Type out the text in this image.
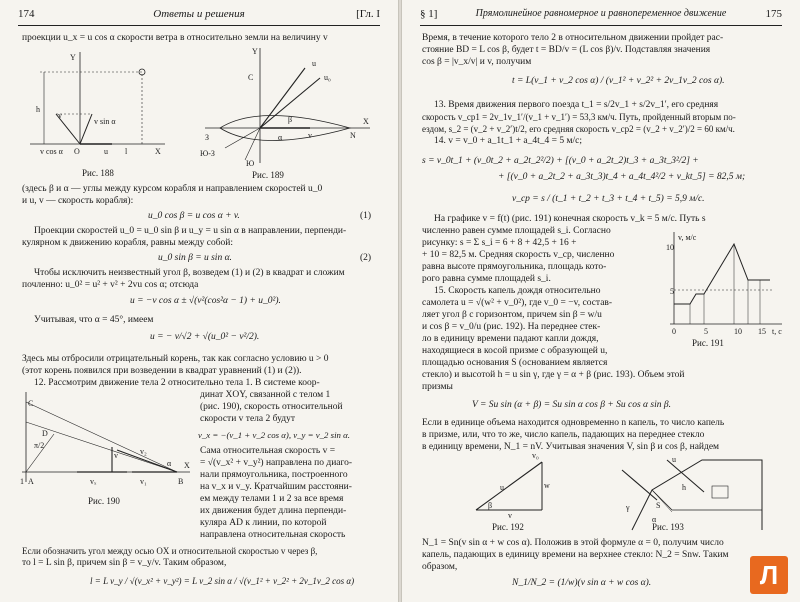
174	Ответы и решения	[Гл. I
проекции u_x = u cos α скорости ветра в относительно земли на величину v
h
Y
O	u l	X
v sin α
v cos α
v
Рис. 188
Y
C
u
u₀
β
α	v	N
X
З
Ю-З
Ю
Рис. 189
(здесь β и α — углы между курсом корабля и направлением скоростей u_0
и u, v — скорость корабля):
u_0 cos β = u cos α + v.	(1)
Проекции скоростей u_0 = u_0 sin β и u_y = u sin α в направлении, перпенди-
кулярном к движению корабля, равны между собой:
u_0 sin β = u sin α.	(2)
Чтобы исключить неизвестный угол β, возведем (1) и (2) в квадрат и сложим
почленно: u_0² = u² + v² + 2vu cos α; отсюда
u = −v cos α ± √(v²(cos²α − 1) + u_0²).
Учитывая, что α = 45°, имеем
u = − v/√2 + √(u_0² − v²/2).
Здесь мы отбросили отрицательный корень, так как согласно условию u > 0
(этот корень появился при возведении в квадрат уравнений (1) и (2)).
12. Рассмотрим движение тела 2 относительно тела 1. В системе коор-
C
D
π/2
1 A	v₁
vₓ
v	v₂
α
B
X
Рис. 190
динат XOY, связанной с телом 1
(рис. 190), скорость относительной
скорости v тела 2 будут
v_x = −(v_1 + v_2 cos α), v_y = v_2 sin α.
Сама относительная скорость v =
= √(v_x² + v_y²) направлена по диаго-
нали прямоугольника, построенного
на v_x и v_y. Кратчайшим расстояни-
ем между телами 1 и 2 за все время
их движения будет длина перпенди-
куляра AD к линии, по которой
направлена относительная скорость
Если обозначить угол между осью OX и относительной скоростью v через β,
то l = L sin β, причем sin β = v_y/v. Таким образом,
l = L v_y / √(v_x² + v_y²) = L v_2 sin α / √(v_1² + v_2² + 2v_1v_2 cos α)
§ 1]	Прямолинейное равномерное и равнопеременное движение	175
Время, в течение которого тело 2 в относительном движении пройдет рас-
стояние BD = L cos β, будет t = BD/v = (L cos β)/v. Подставляя значения
cos β = |v_x/v| и v, получим
t = L(v_1 + v_2 cos α) / (v_1² + v_2² + 2v_1v_2 cos α).
13. Время движения первого поезда t_1 = s/2v_1 + s/2v_1′, его средняя
скорость v_ср1 = 2v_1v_1′/(v_1 + v_1′) = 53,3 км/ч. Путь, пройденный вторым по-
ездом, s_2 = (v_2 + v_2′)t/2, его средняя скорость v_ср2 = (v_2 + v_2′)/2 = 60 км/ч.
14. v = v_0 + a_1t_1 + a_4t_4 = 5 м/с;
s = v_0t_1 + (v_0t_2 + a_2t_2²/2) + [(v_0 + a_2t_2)t_3 + a_3t_3²/2] +
+ [(v_0 + a_2t_2 + a_3t_3)t_4 + a_4t_4²/2 + v_kt_5] = 82,5 м;
v_ср = s / (t_1 + t_2 + t_3 + t_4 + t_5) = 5,9 м/с.
На графике v = f(t) (рис. 191) конечная скорость v_k = 5 м/с. Путь s
численно равен сумме площадей s_i. Согласно
рисунку: s = Σ s_i = 6 + 8 + 42,5 + 16 +
+ 10 = 82,5 м. Средняя скорость v_ср, численно
равна высоте прямоугольника, площадь кото-
рого равна сумме площадей s_i.
15. Скорость капель дождя относительно
самолета u = √(w² + v_0²), где v_0 = −v, состав-
ляет угол β с горизонтом, причем sin β = w/u
и cos β = v_0/u (рис. 192). На переднее стек-
ло в единицу времени падают капли дождя,
находящиеся в косой призме с образующей u,
площадью основания S (основанием является
стекло) и высотой h = u sin γ, где γ = α + β (рис. 193). Объем этой
призмы
v, м/с
10
5
0	5	10 15 t, с
Рис. 191
V = Su sin (α + β) = Su sin α cos β + Su cos α sin β.
Если в единице объема находится одновременно n капель, то число капель
в призме, или, что то же, число капель, падающих на переднее стекло
в единицу времени, N_1 = nV. Учитывая значения V, sin β и cos β, найдем
v₀
w
u
v
β
Рис. 192
u
γ	S
h
α
Рис. 193
N_1 = Sn(v sin α + w cos α). Положив в этой формуле α = 0, получим число
капель, падающих в единицу времени на верхнее стекло: N_2 = Snw. Таким
образом,
N_1/N_2 = (1/w)(v sin α + w cos α).	Л
